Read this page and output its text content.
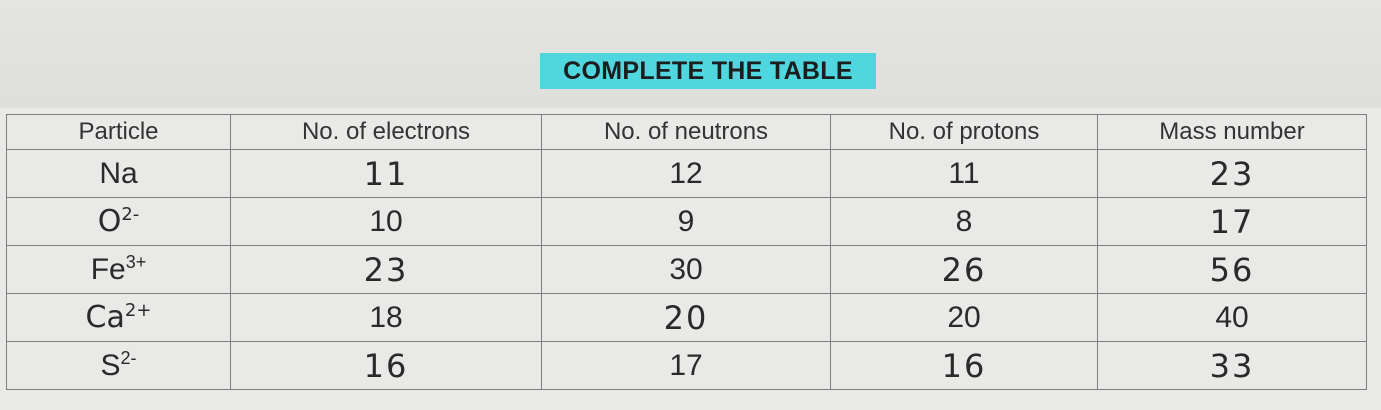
COMPLETE THE TABLE
Particle	No. of electrons	No. of neutrons	No. of protons	Mass number
Na	11	12	11	23
$O^{2-}$	10	9	8	17
$Fe^{3+}$	23	30	26	56
$Ca^{2+}$	18	20	20	40
$S^{2-}$	16	17	16	33
